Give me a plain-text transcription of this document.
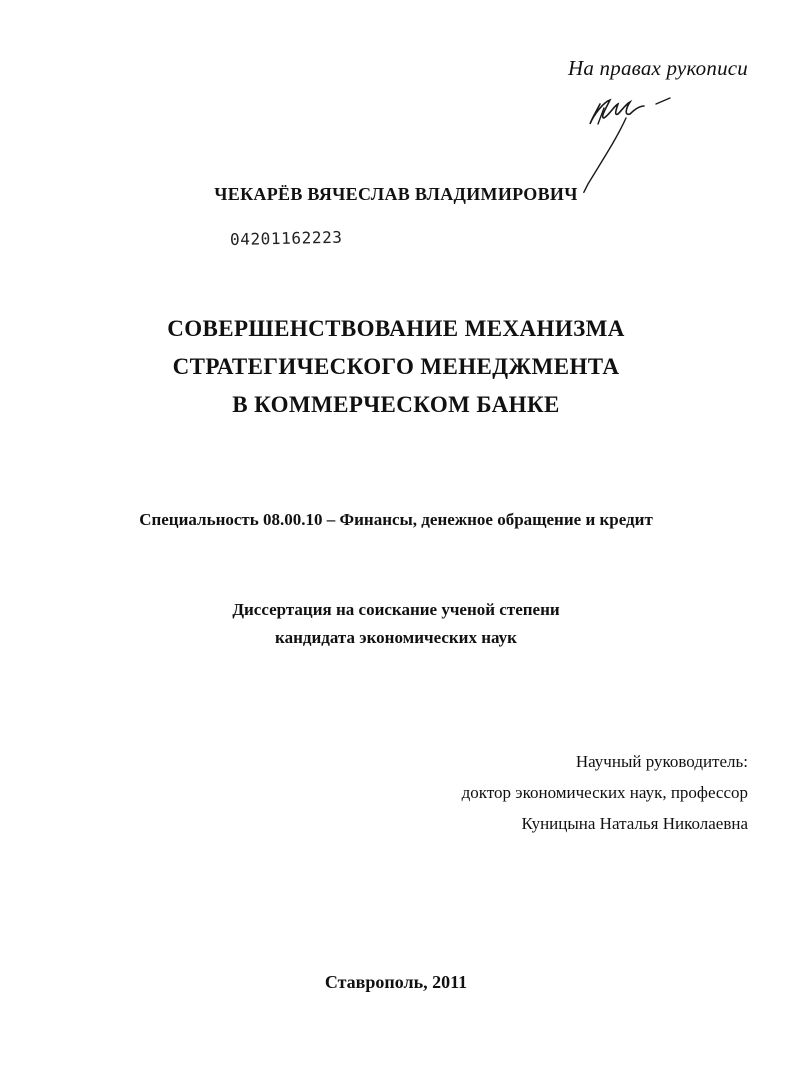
На правах рукописи
ЧЕКАРЁВ ВЯЧЕСЛАВ ВЛАДИМИРОВИЧ
04201162223
СОВЕРШЕНСТВОВАНИЕ МЕХАНИЗМА
СТРАТЕГИЧЕСКОГО МЕНЕДЖМЕНТА
В КОММЕРЧЕСКОМ БАНКЕ
Специальность 08.00.10 – Финансы, денежное обращение и кредит
Диссертация на соискание ученой степени
кандидата экономических наук
Научный руководитель:
доктор экономических наук, профессор
Куницына Наталья Николаевна
Ставрополь, 2011
